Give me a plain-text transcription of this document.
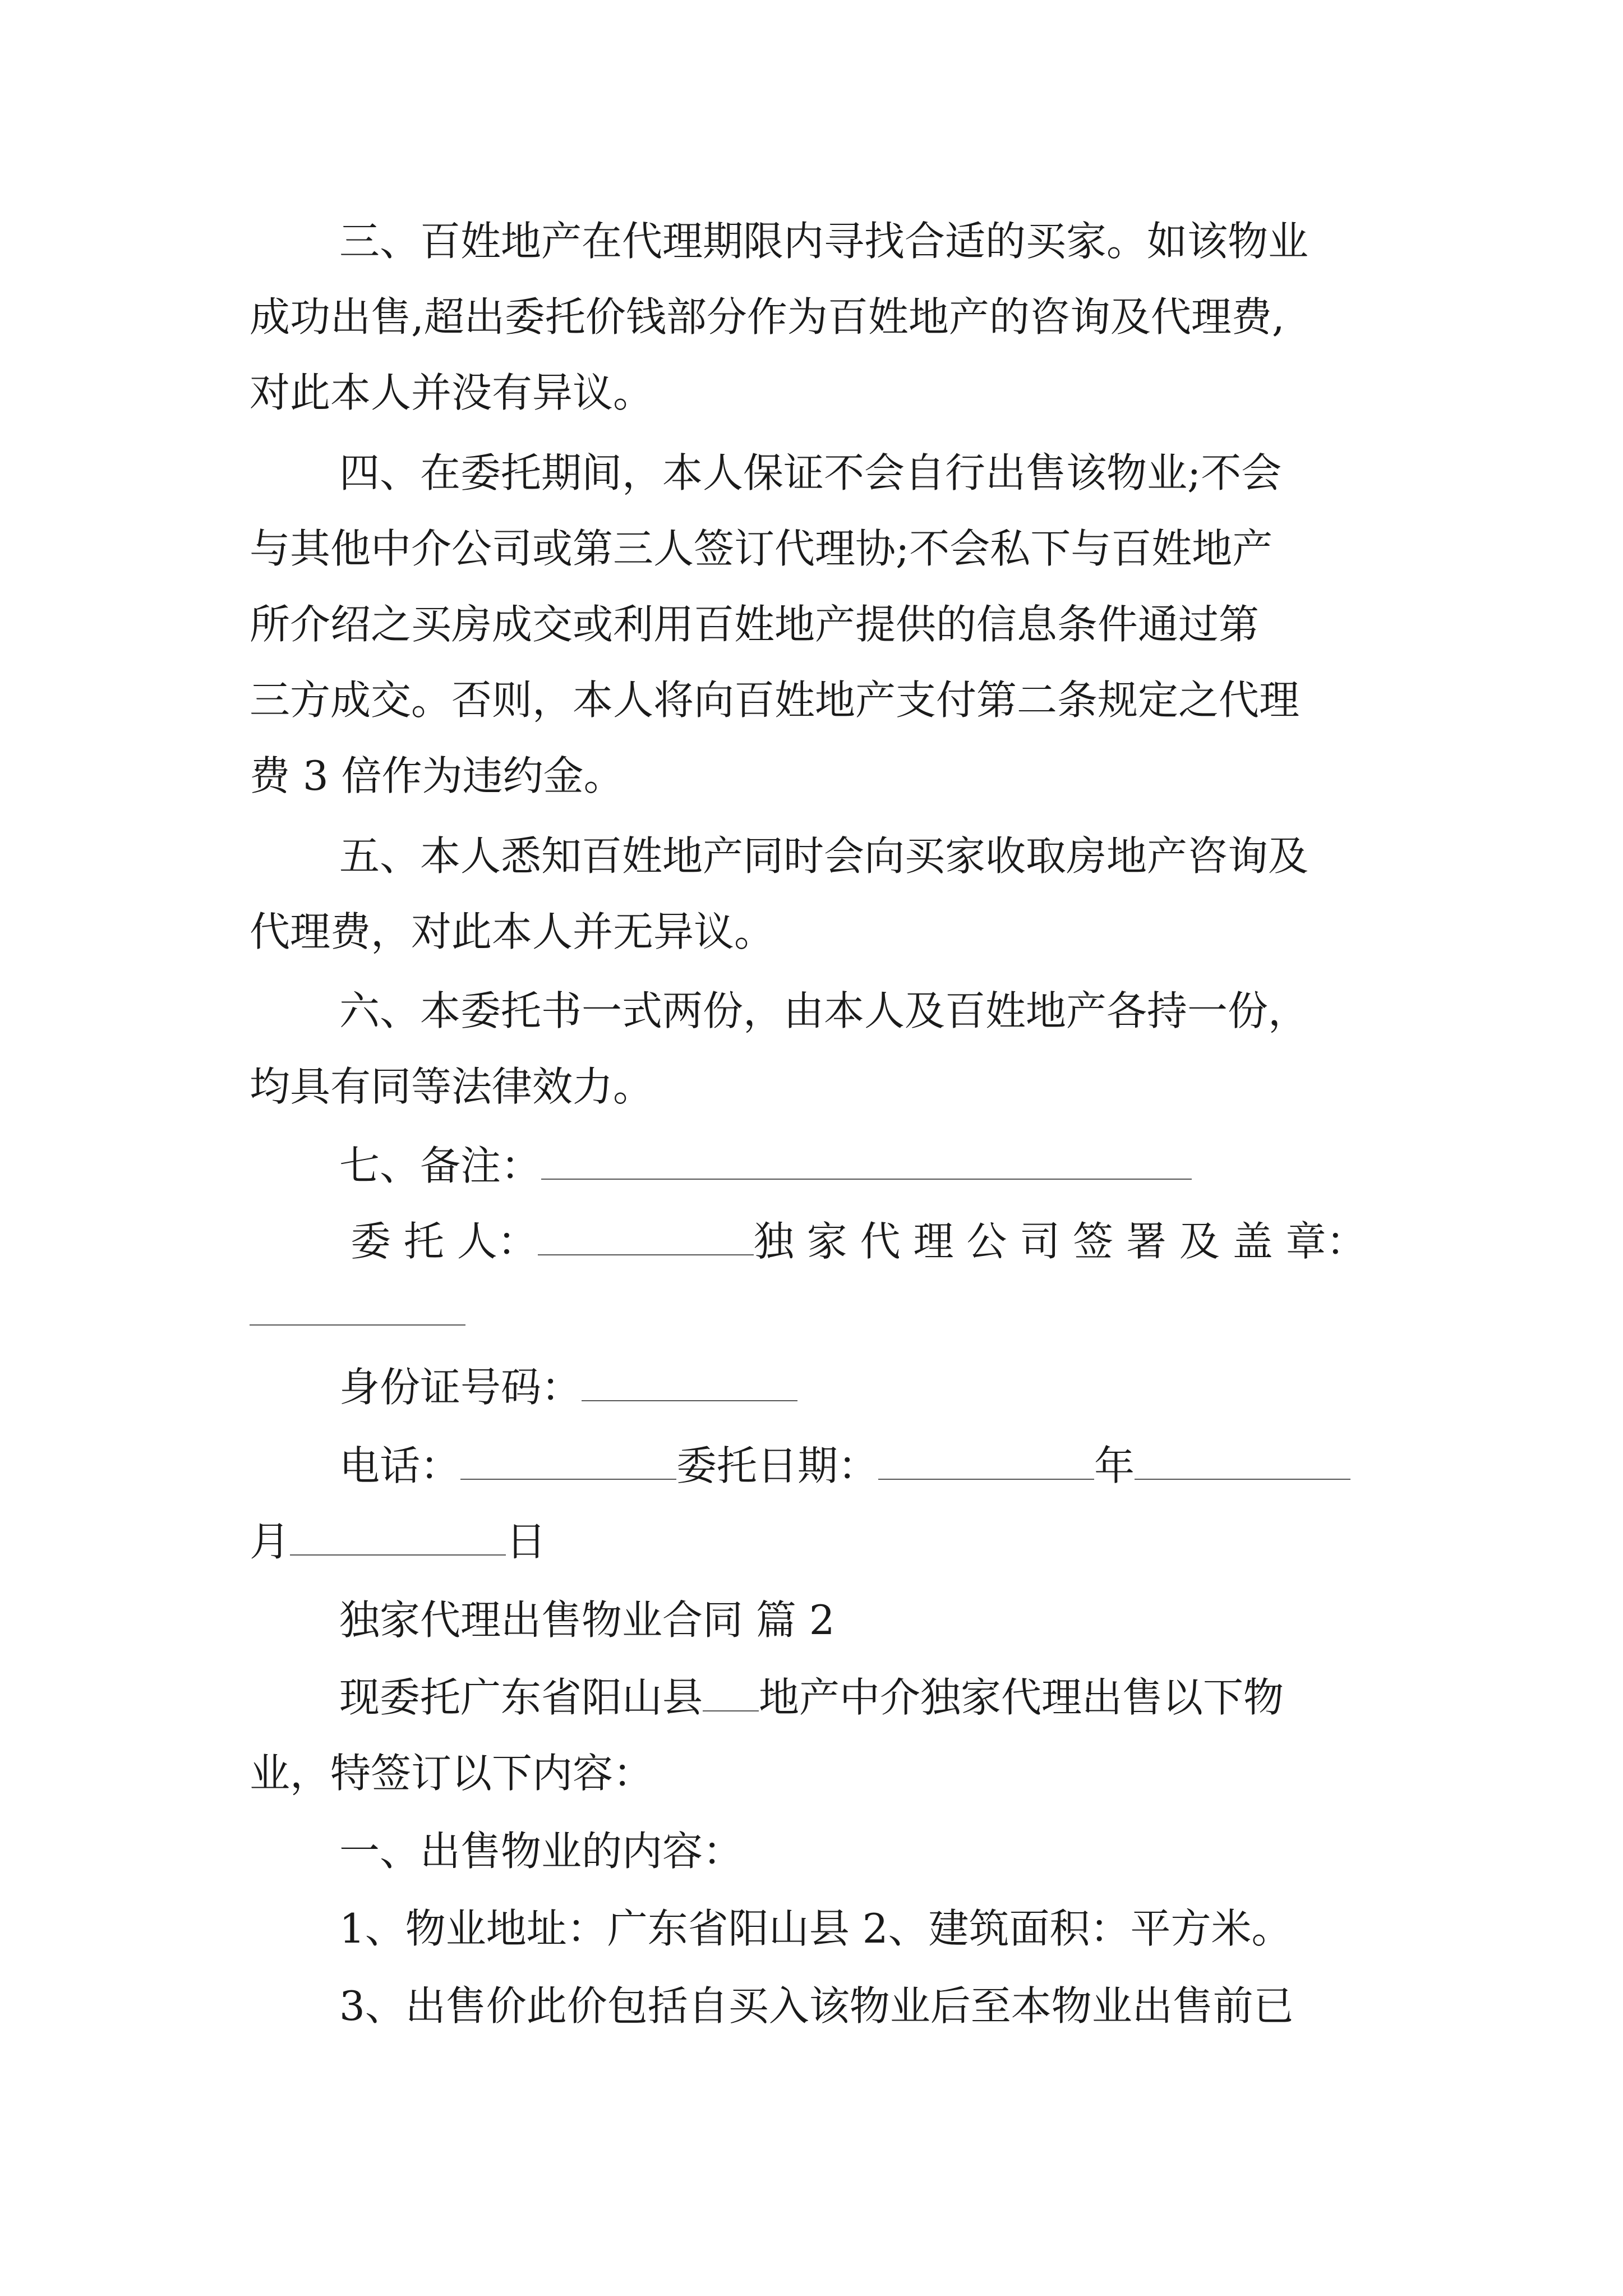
三、百姓地产在代理期限内寻找合适的买家。如该物业
成功出售,超出委托价钱部分作为百姓地产的咨询及代理费,
对此本人并没有异议。
四、在委托期间，本人保证不会自行出售该物业;不会
与其他中介公司或第三人签订代理协;不会私下与百姓地产
所介绍之买房成交或利用百姓地产提供的信息条件通过第
三方成交。否则，本人将向百姓地产支付第二条规定之代理
费 3 倍作为违约金。
五、本人悉知百姓地产同时会向买家收取房地产咨询及
代理费，对此本人并无异议。
六、本委托书一式两份，由本人及百姓地产各持一份，
均具有同等法律效力。
七、备注：
委 托 人：	独 家 代 理 公 司 签 署 及 盖 章：
身份证号码：
电话：	委托日期：	年
月	日
独家代理出售物业合同 篇 2
现委托广东省阳山县 地产中介独家代理出售以下物
业，特签订以下内容：
一、出售物业的内容：
1、物业地址：广东省阳山县 2、建筑面积：平方米。
3、出售价此价包括自买入该物业后至本物业出售前已
